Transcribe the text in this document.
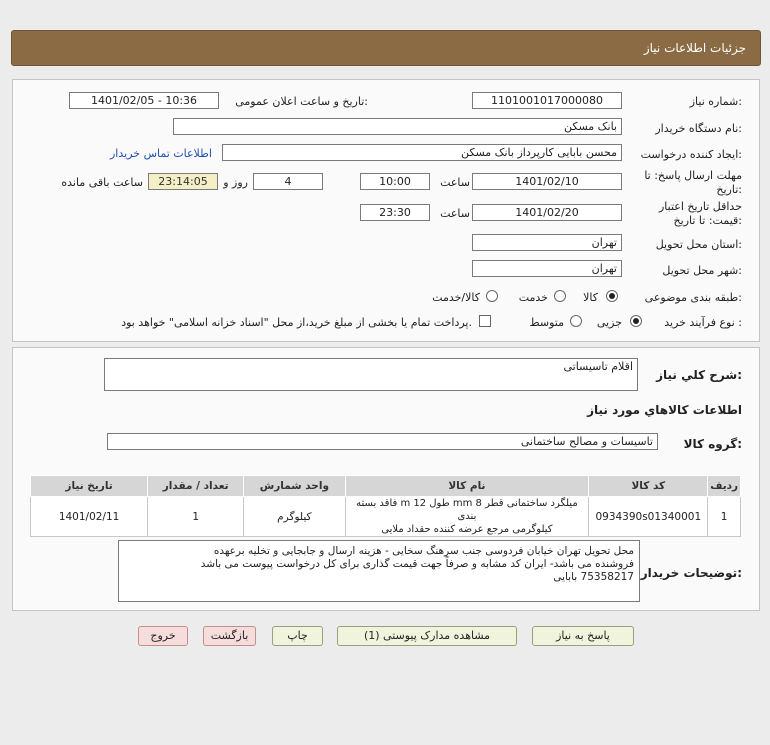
جزئیات اطلاعات نیاز
شماره نیاز:
1101001017000080
تاریخ و ساعت اعلان عمومی:
1401/02/05 - 10:36
نام دستگاه خریدار:
بانک مسکن
ایجاد کننده درخواست:
محسن بابایی کارپرداز بانک مسکن
اطلاعات تماس خریدار
مهلت ارسال پاسخ: تا
تاریخ:
1401/02/10
ساعت
10:00
4
روز و
23:14:05
ساعت باقی مانده
حداقل تاریخ اعتبار
قیمت: تا تاریخ:
1401/02/20
ساعت
23:30
استان محل تحویل:
تهران
شهر محل تحویل:
تهران
طبقه بندی موضوعی:
کالا
خدمت
کالا/خدمت
نوع فرآیند خرید :
جزیی
متوسط
پرداخت تمام یا بخشی از مبلغ خرید،از محل "اسناد خزانه اسلامی" خواهد بود.
شرح کلي نياز:
اقلام تاسیساتی
اطلاعات کالاهاي مورد نياز
گروه کالا:
تاسیسات و مصالح ساختمانی
تاریخ نیاز	تعداد / مقدار	واحد شمارش	نام کالا	کد کالا	ردیف
1401/02/11	1	کیلوگرم	میلگرد ساختمانی قطر mm 8 طول m 12 فاقد بسته بندی
کیلوگرمی مرجع عرضه کننده حقداد ملایی	0934390s01340001	1
توضیحات خریدار:
محل تحویل تهران خیابان فردوسی جنب سرهنگ سخایی - هزینه ارسال و جابجایی و تخلیه برعهده
فروشنده می باشد- ایران کد مشابه و صرفاً جهت قیمت گذاری برای کل درخواست پیوست می باشد
75358217 بابایی
پاسخ به نیاز
مشاهده مدارک پیوستی (1)
چاپ
بازگشت
خروج
